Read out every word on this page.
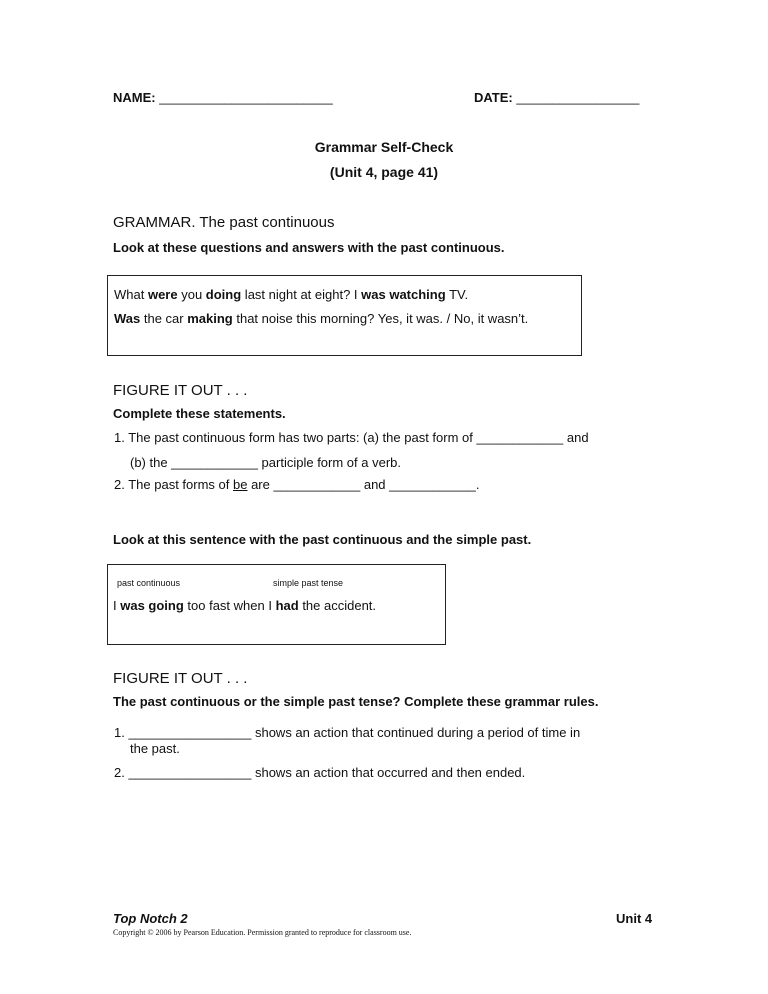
NAME: ________________________	DATE: _________________
Grammar Self-Check
(Unit 4, page 41)
GRAMMAR. The past continuous
Look at these questions and answers with the past continuous.
What were you doing last night at eight? I was watching TV.
Was the car making that noise this morning? Yes, it was. / No, it wasn’t.
FIGURE IT OUT . . .
Complete these statements.
1. The past continuous form has two parts: (a) the past form of ____________ and
(b) the ____________ participle form of a verb.
2. The past forms of be are ____________ and ____________.
Look at this sentence with the past continuous and the simple past.
past continuous	simple past tense
I was going too fast when I had the accident.
FIGURE IT OUT . . .
The past continuous or the simple past tense? Complete these grammar rules.
1. _________________ shows an action that continued during a period of time in
the past.
2. _________________ shows an action that occurred and then ended.
Top Notch 2	Unit 4
Copyright © 2006 by Pearson Education. Permission granted to reproduce for classroom use.
